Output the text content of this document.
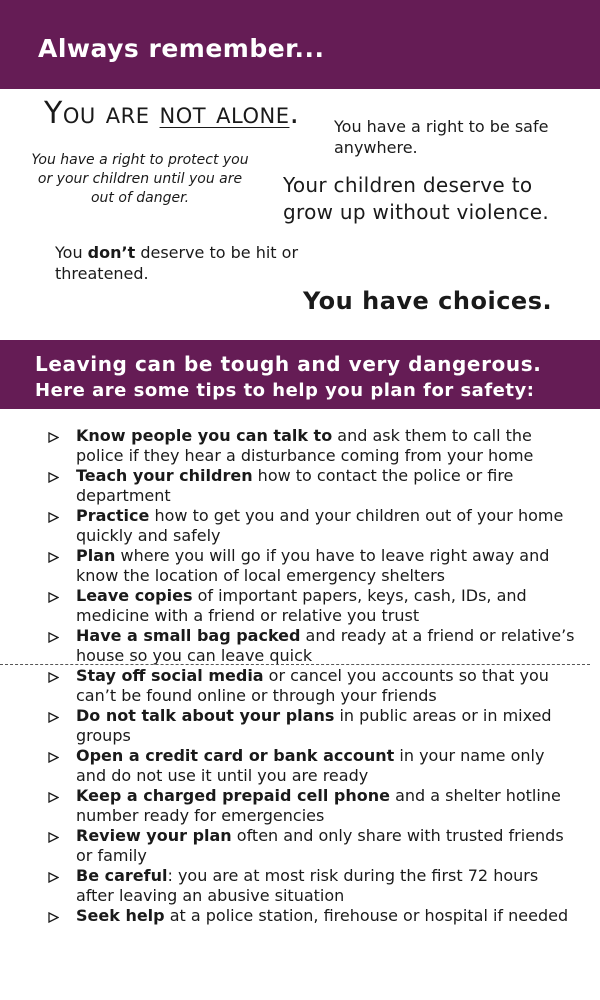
Always remember...
You are not alone.
You have a right to protect you or your children until you are out of danger.
You have a right to be safe anywhere.
Your children deserve to grow up without violence.
You don’t deserve to be hit or threatened.
You have choices.
Leaving can be tough and very dangerous.
Here are some tips to help you plan for safety:
Know people you can talk to and ask them to call the police if they hear a disturbance coming from your home
Teach your children how to contact the police or fire department
Practice how to get you and your children out of your home quickly and safely
Plan where you will go if you have to leave right away and know the location of local emergency shelters
Leave copies of important papers, keys, cash, IDs, and medicine with a friend or relative you trust
Have a small bag packed and ready at a friend or relative’s house so you can leave quick
Stay off social media or cancel you accounts so that you can’t be found online or through your friends
Do not talk about your plans in public areas or in mixed groups
Open a credit card or bank account in your name only and do not use it until you are ready
Keep a charged prepaid cell phone and a shelter hotline number ready for emergencies
Review your plan often and only share with trusted friends or family
Be careful: you are at most risk during the first 72 hours after leaving an abusive situation
Seek help at a police station, firehouse or hospital if needed
